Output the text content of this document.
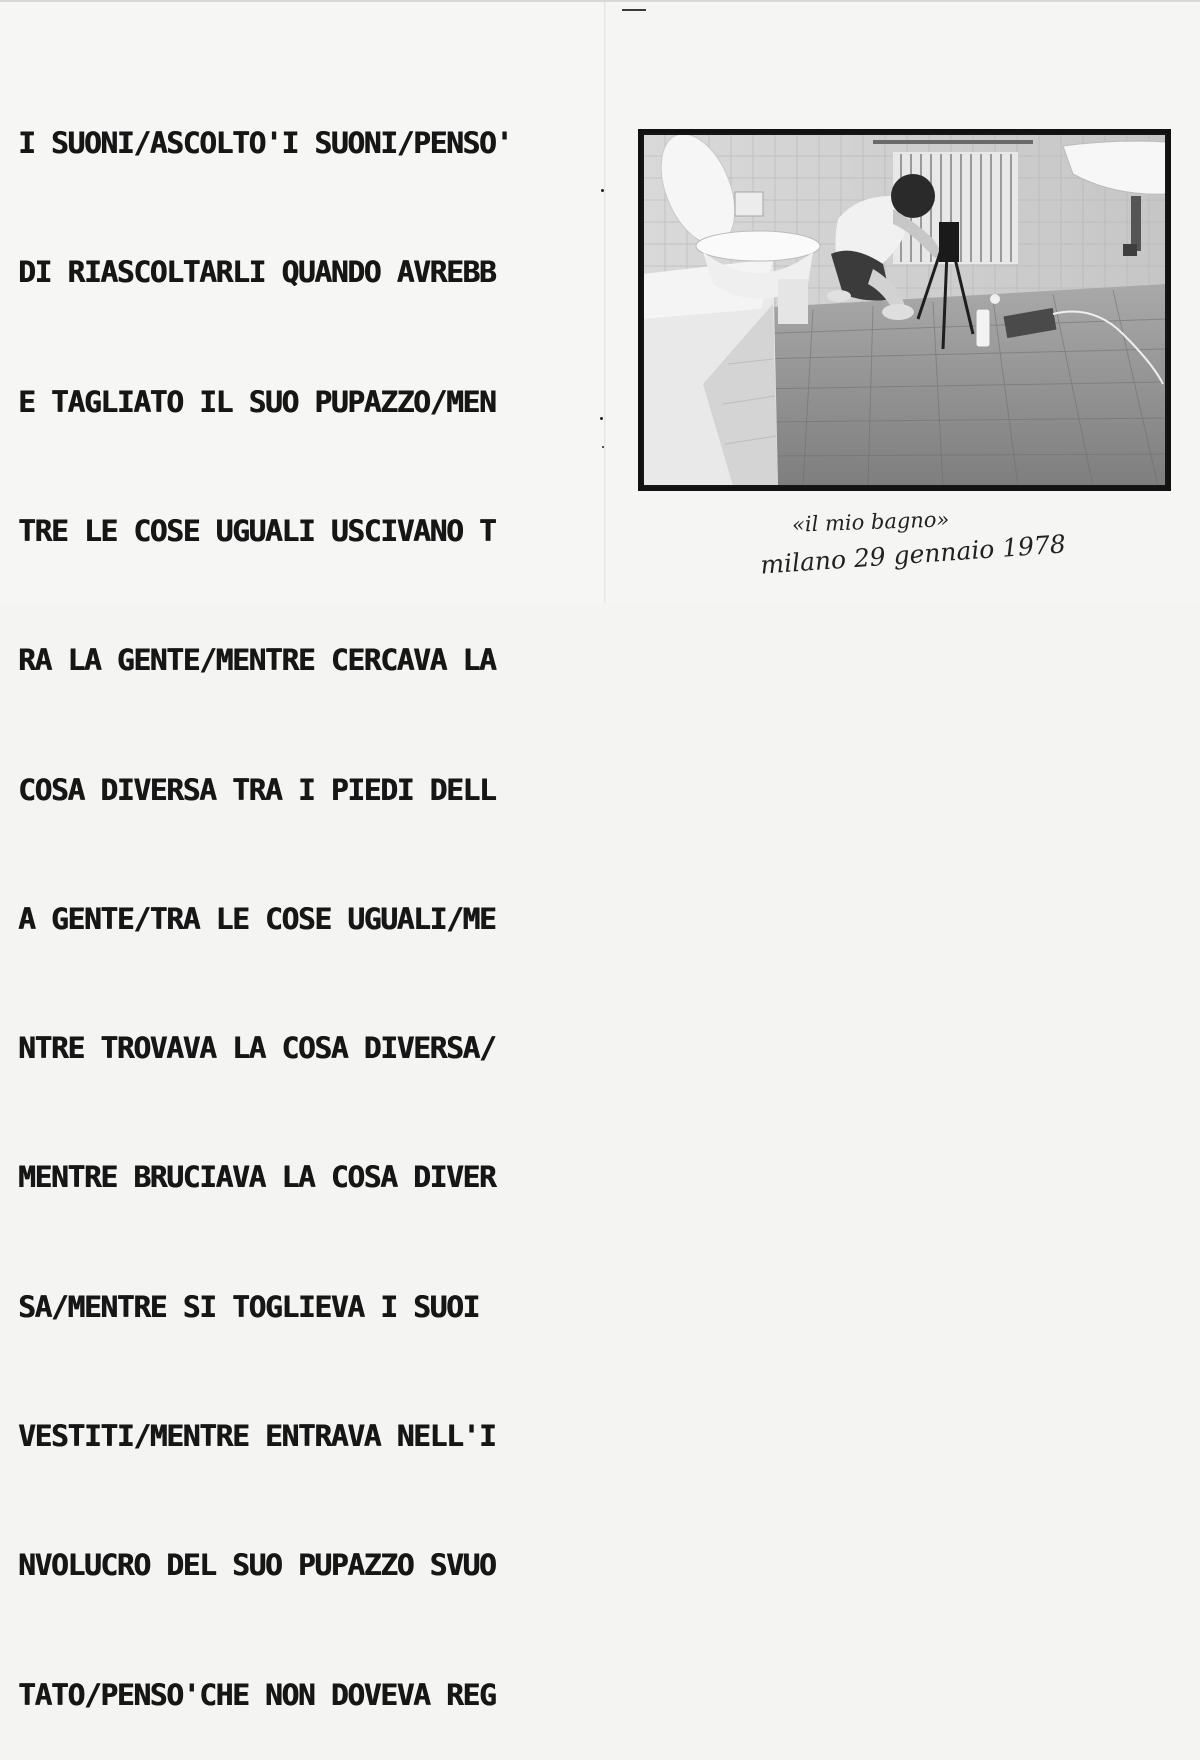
I SUONI/ASCOLTO'I SUONI/PENSO'

DI RIASCOLTARLI QUANDO AVREBB

E TAGLIATO IL SUO PUPAZZO/MEN

TRE LE COSE UGUALI USCIVANO T

RA LA GENTE/MENTRE CERCAVA LA

COSA DIVERSA TRA I PIEDI DELL

A GENTE/TRA LE COSE UGUALI/ME

NTRE TROVAVA LA COSA DIVERSA/

MENTRE BRUCIAVA LA COSA DIVER

SA/MENTRE SI TOGLIEVA I SUOI

VESTITI/MENTRE ENTRAVA NELL'I

NVOLUCRO DEL SUO PUPAZZO SVUO

TATO/PENSO'CHE NON DOVEVA REG

«il mio bagno»
milano 29 gennaio 1978
